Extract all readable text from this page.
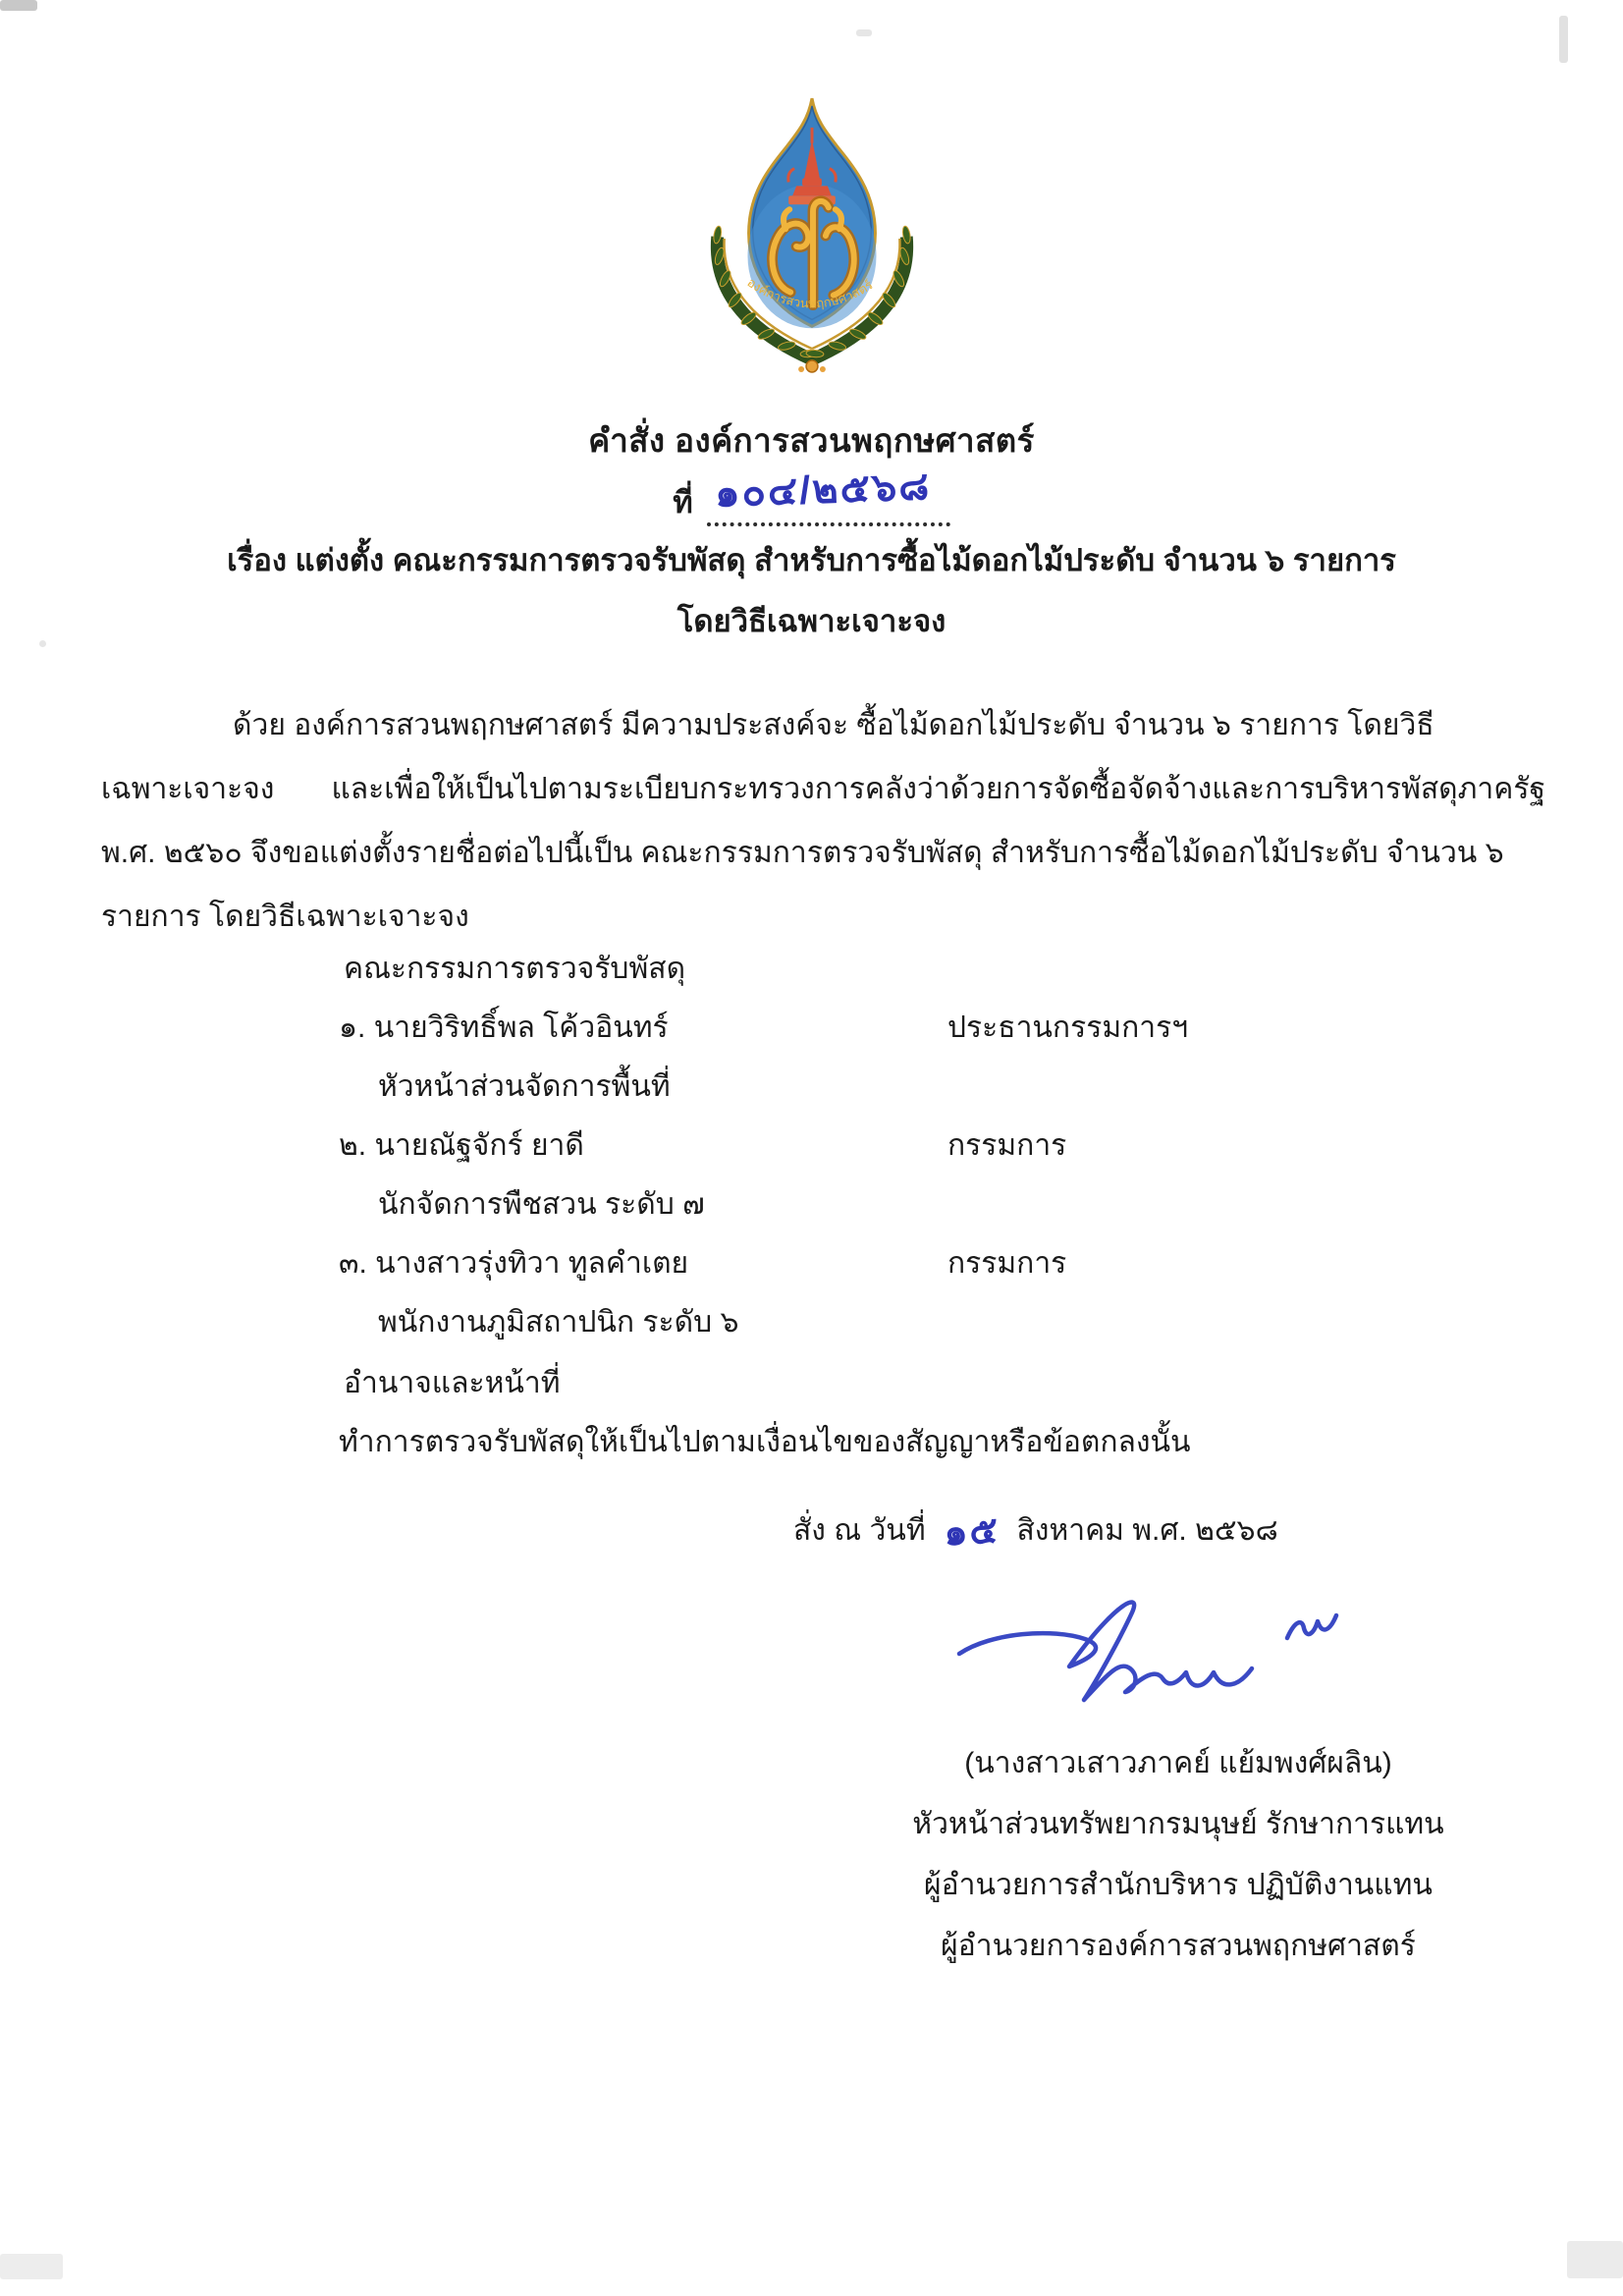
องค์การสวนพฤกษศาสตร์
คำสั่ง องค์การสวนพฤกษศาสตร์
ที่ ๑๐๔/๒๕๖๘
เรื่อง แต่งตั้ง คณะกรรมการตรวจรับพัสดุ สำหรับการซื้อไม้ดอกไม้ประดับ จำนวน ๖ รายการ
โดยวิธีเฉพาะเจาะจง
ด้วย องค์การสวนพฤกษศาสตร์ มีความประสงค์จะ ซื้อไม้ดอกไม้ประดับ จำนวน ๖ รายการ โดยวิธี
เฉพาะเจาะจง และเพื่อให้เป็นไปตามระเบียบกระทรวงการคลังว่าด้วยการจัดซื้อจัดจ้างและการบริหารพัสดุภาครัฐ
พ.ศ. ๒๕๖๐ จึงขอแต่งตั้งรายชื่อต่อไปนี้เป็น คณะกรรมการตรวจรับพัสดุ สำหรับการซื้อไม้ดอกไม้ประดับ จำนวน ๖
รายการ โดยวิธีเฉพาะเจาะจง
คณะกรรมการตรวจรับพัสดุ
๑. นายวิริทธิ์พล โค้วอินทร์	ประธานกรรมการฯ
หัวหน้าส่วนจัดการพื้นที่
๒. นายณัฐจักร์ ยาดี	กรรมการ
นักจัดการพืชสวน ระดับ ๗
๓. นางสาวรุ่งทิวา ทูลคำเตย	กรรมการ
พนักงานภูมิสถาปนิก ระดับ ๖
อำนาจและหน้าที่
ทำการตรวจรับพัสดุให้เป็นไปตามเงื่อนไขของสัญญาหรือข้อตกลงนั้น
สั่ง ณ วันที่ ๑๕ สิงหาคม พ.ศ. ๒๕๖๘
(นางสาวเสาวภาคย์ แย้มพงศ์ผลิน)
หัวหน้าส่วนทรัพยากรมนุษย์ รักษาการแทน
ผู้อำนวยการสำนักบริหาร ปฏิบัติงานแทน
ผู้อำนวยการองค์การสวนพฤกษศาสตร์
